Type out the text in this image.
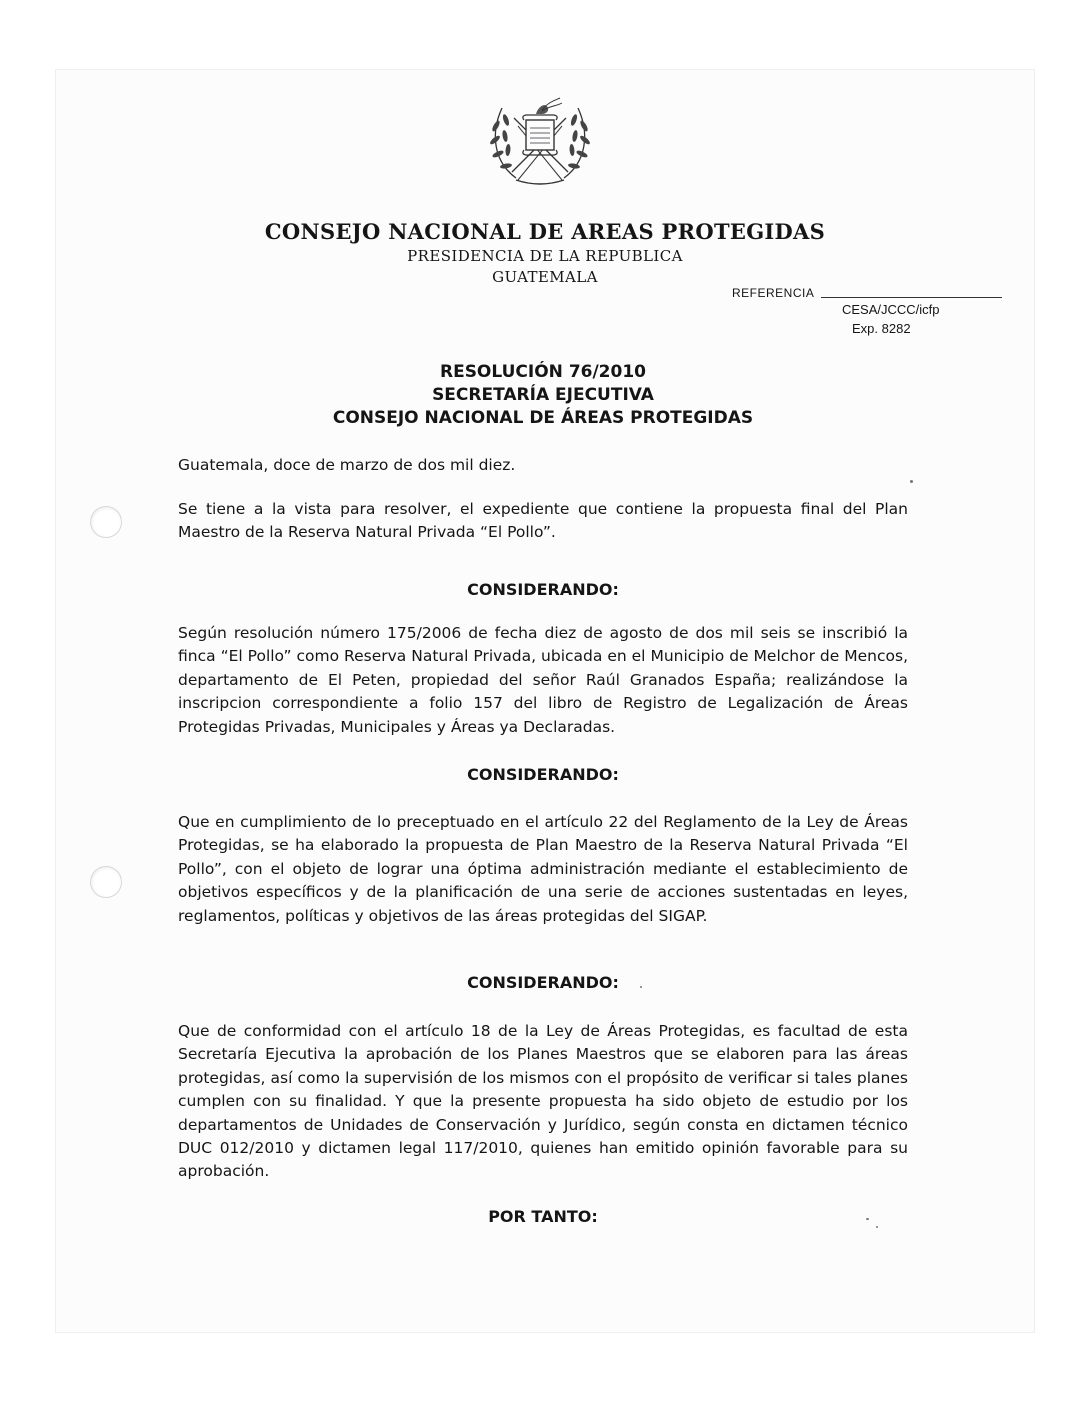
CONSEJO NACIONAL DE AREAS PROTEGIDAS
PRESIDENCIA DE LA REPUBLICA
GUATEMALA
REFERENCIA
CESA/JCCC/icfp
Exp. 8282
RESOLUCIÓN 76/2010
SECRETARÍA EJECUTIVA
CONSEJO NACIONAL DE ÁREAS PROTEGIDAS

Guatemala, doce de marzo de dos mil diez.

Se tiene a la vista para resolver, el expediente que contiene la propuesta final del Plan Maestro de la Reserva Natural Privada “El Pollo”.

CONSIDERANDO:

Según resolución número 175/2006 de fecha diez de agosto de dos mil seis se inscribió la finca “El Pollo” como Reserva Natural Privada, ubicada en el Municipio de Melchor de Mencos, departamento de El Peten, propiedad del señor Raúl Granados España; realizándose la inscripcion correspondiente a folio 157 del libro de Registro de Legalización de Áreas Protegidas Privadas, Municipales y Áreas ya Declaradas.

CONSIDERANDO:

Que en cumplimiento de lo preceptuado en el artículo 22 del Reglamento de la Ley de Áreas Protegidas, se ha elaborado la propuesta de Plan Maestro de la Reserva Natural Privada “El Pollo”, con el objeto de lograr una óptima administración mediante el establecimiento de objetivos específicos y de la planificación de una serie de acciones sustentadas en leyes, reglamentos, políticas y objetivos de las áreas protegidas del SIGAP.

CONSIDERANDO:

Que de conformidad con el artículo 18 de la Ley de Áreas Protegidas, es facultad de esta Secretaría Ejecutiva la aprobación de los Planes Maestros que se elaboren para las áreas protegidas, así como la supervisión de los mismos con el propósito de verificar si tales planes cumplen con su finalidad. Y que la presente propuesta ha sido objeto de estudio por los departamentos de Unidades de Conservación y Jurídico, según consta en dictamen técnico DUC 012/2010 y dictamen legal 117/2010, quienes han emitido opinión favorable para su aprobación.

POR TANTO:
